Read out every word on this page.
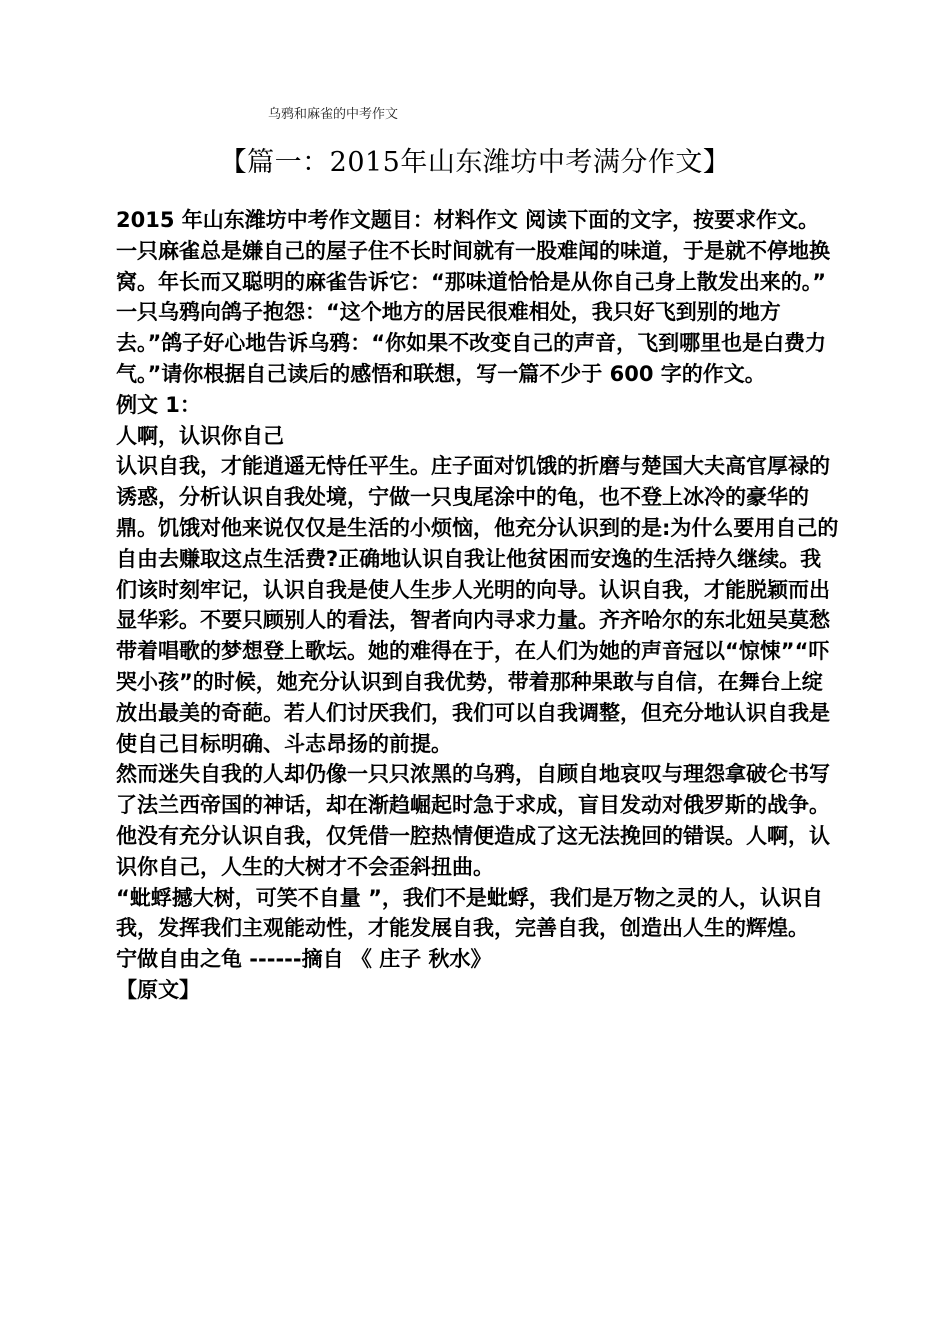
乌鸦和麻雀的中考作文
【篇一：2015年山东潍坊中考满分作文】

2015 年山东潍坊中考作文题目：材料作文 阅读下面的文字，按要求作文。

一只麻雀总是嫌自己的屋子住不长时间就有一股难闻的味道，于是就不停地换窝。年长而又聪明的麻雀告诉它：“那味道恰恰是从你自己身上散发出来的。”

一只乌鸦向鸽子抱怨：“这个地方的居民很难相处，我只好飞到别的地方去。”鸽子好心地告诉乌鸦：“你如果不改变自己的声音，飞到哪里也是白费力气。”请你根据自己读后的感悟和联想，写一篇不少于 600 字的作文。

例文 1：

人啊，认识你自己

认识自我，才能逍遥无恃任平生。庄子面对饥饿的折磨与楚国大夫高官厚禄的诱惑，分析认识自我处境，宁做一只曳尾涂中的龟，也不登上冰冷的豪华的鼎。饥饿对他来说仅仅是生活的小烦恼，他充分认识到的是:为什么要用自己的自由去赚取这点生活费?正确地认识自我让他贫困而安逸的生活持久继续。我们该时刻牢记，认识自我是使人生步人光明的向导。认识自我，才能脱颖而出显华彩。不要只顾别人的看法，智者向内寻求力量。齐齐哈尔的东北妞吴莫愁带着唱歌的梦想登上歌坛。她的难得在于，在人们为她的声音冠以“惊悚”“吓哭小孩”的时候，她充分认识到自我优势，带着那种果敢与自信，在舞台上绽放出最美的奇葩。若人们讨厌我们，我们可以自我调整，但充分地认识自我是使自己目标明确、斗志昂扬的前提。

然而迷失自我的人却仍像一只只浓黑的乌鸦，自顾自地哀叹与理怨拿破仑书写了法兰西帝国的神话，却在渐趋崛起时急于求成，盲目发动对俄罗斯的战争。他没有充分认识自我，仅凭借一腔热情便造成了这无法挽回的错误。人啊，认识你自己，人生的大树才不会歪斜扭曲。

“蚍蜉撼大树，可笑不自量 ”，我们不是蚍蜉，我们是万物之灵的人，认识自我，发挥我们主观能动性，才能发展自我，完善自我，创造出人生的辉煌。

宁做自由之龟 ------摘自 《 庄子 秋水》

【原文】
